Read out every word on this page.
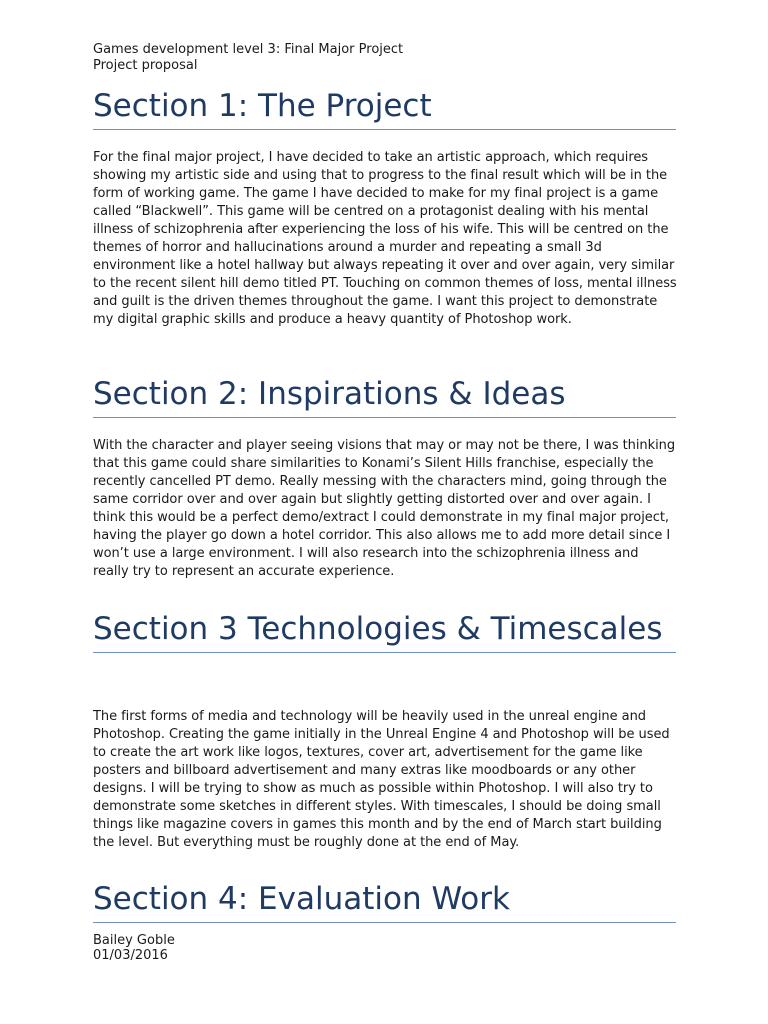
Games development level 3: Final Major Project

Project proposal

Section 1: The Project

For the final major project, I have decided to take an artistic approach, which requires showing my artistic side and using that to progress to the final result which will be in the form of working game. The game I have decided to make for my final project is a game called “Blackwell”. This game will be centred on a protagonist dealing with his mental illness of schizophrenia after experiencing the loss of his wife. This will be centred on the themes of horror and hallucinations around a murder and repeating a small 3d environment like a hotel hallway but always repeating it over and over again, very similar to the recent silent hill demo titled PT. Touching on common themes of loss, mental illness and guilt is the driven themes throughout the game. I want this project to demonstrate my digital graphic skills and produce a heavy quantity of Photoshop work.

Section 2: Inspirations & Ideas

With the character and player seeing visions that may or may not be there, I was thinking that this game could share similarities to Konami’s Silent Hills franchise, especially the recently cancelled PT demo. Really messing with the characters mind, going through the same corridor over and over again but slightly getting distorted over and over again. I think this would be a perfect demo/extract I could demonstrate in my final major project, having the player go down a hotel corridor. This also allows me to add more detail since I won’t use a large environment. I will also research into the schizophrenia illness and really try to represent an accurate experience.

Section 3 Technologies & Timescales

The first forms of media and technology will be heavily used in the unreal engine and Photoshop. Creating the game initially in the Unreal Engine 4 and Photoshop will be used to create the art work like logos, textures, cover art, advertisement for the game like posters and billboard advertisement and many extras like moodboards or any other designs. I will be trying to show as much as possible within Photoshop. I will also try to demonstrate some sketches in different styles. With timescales, I should be doing small things like magazine covers in games this month and by the end of March start building the level. But everything must be roughly done at the end of May.

Section 4: Evaluation Work

Bailey Goble

01/03/2016
